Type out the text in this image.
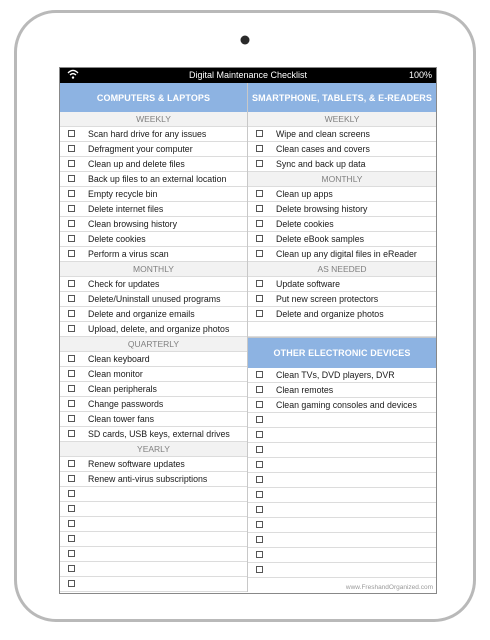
Digital Maintenance Checklist	100%
COMPUTERS & LAPTOPS
WEEKLY
Scan hard drive for any issues
Defragment your computer
Clean up and delete files
Back up files to an external location
Empty recycle bin
Delete internet files
Clean browsing history
Delete cookies
Perform a virus scan
MONTHLY
Check for updates
Delete/Uninstall unused programs
Delete and organize emails
Upload, delete, and organize photos
QUARTERLY
Clean keyboard
Clean monitor
Clean peripherals
Change passwords
Clean tower fans
SD cards, USB keys, external drives
YEARLY
Renew software updates
Renew anti-virus subscriptions
SMARTPHONE, TABLETS, & E-READERS
WEEKLY
Wipe and clean screens
Clean cases and covers
Sync and back up data
MONTHLY
Clean up apps
Delete browsing history
Delete cookies
Delete eBook samples
Clean up any digital files in eReader
AS NEEDED
Update software
Put new screen protectors
Delete and organize photos
OTHER ELECTRONIC DEVICES
Clean TVs, DVD players, DVR
Clean remotes
Clean gaming consoles and devices
www.FreshandOrganized.com
